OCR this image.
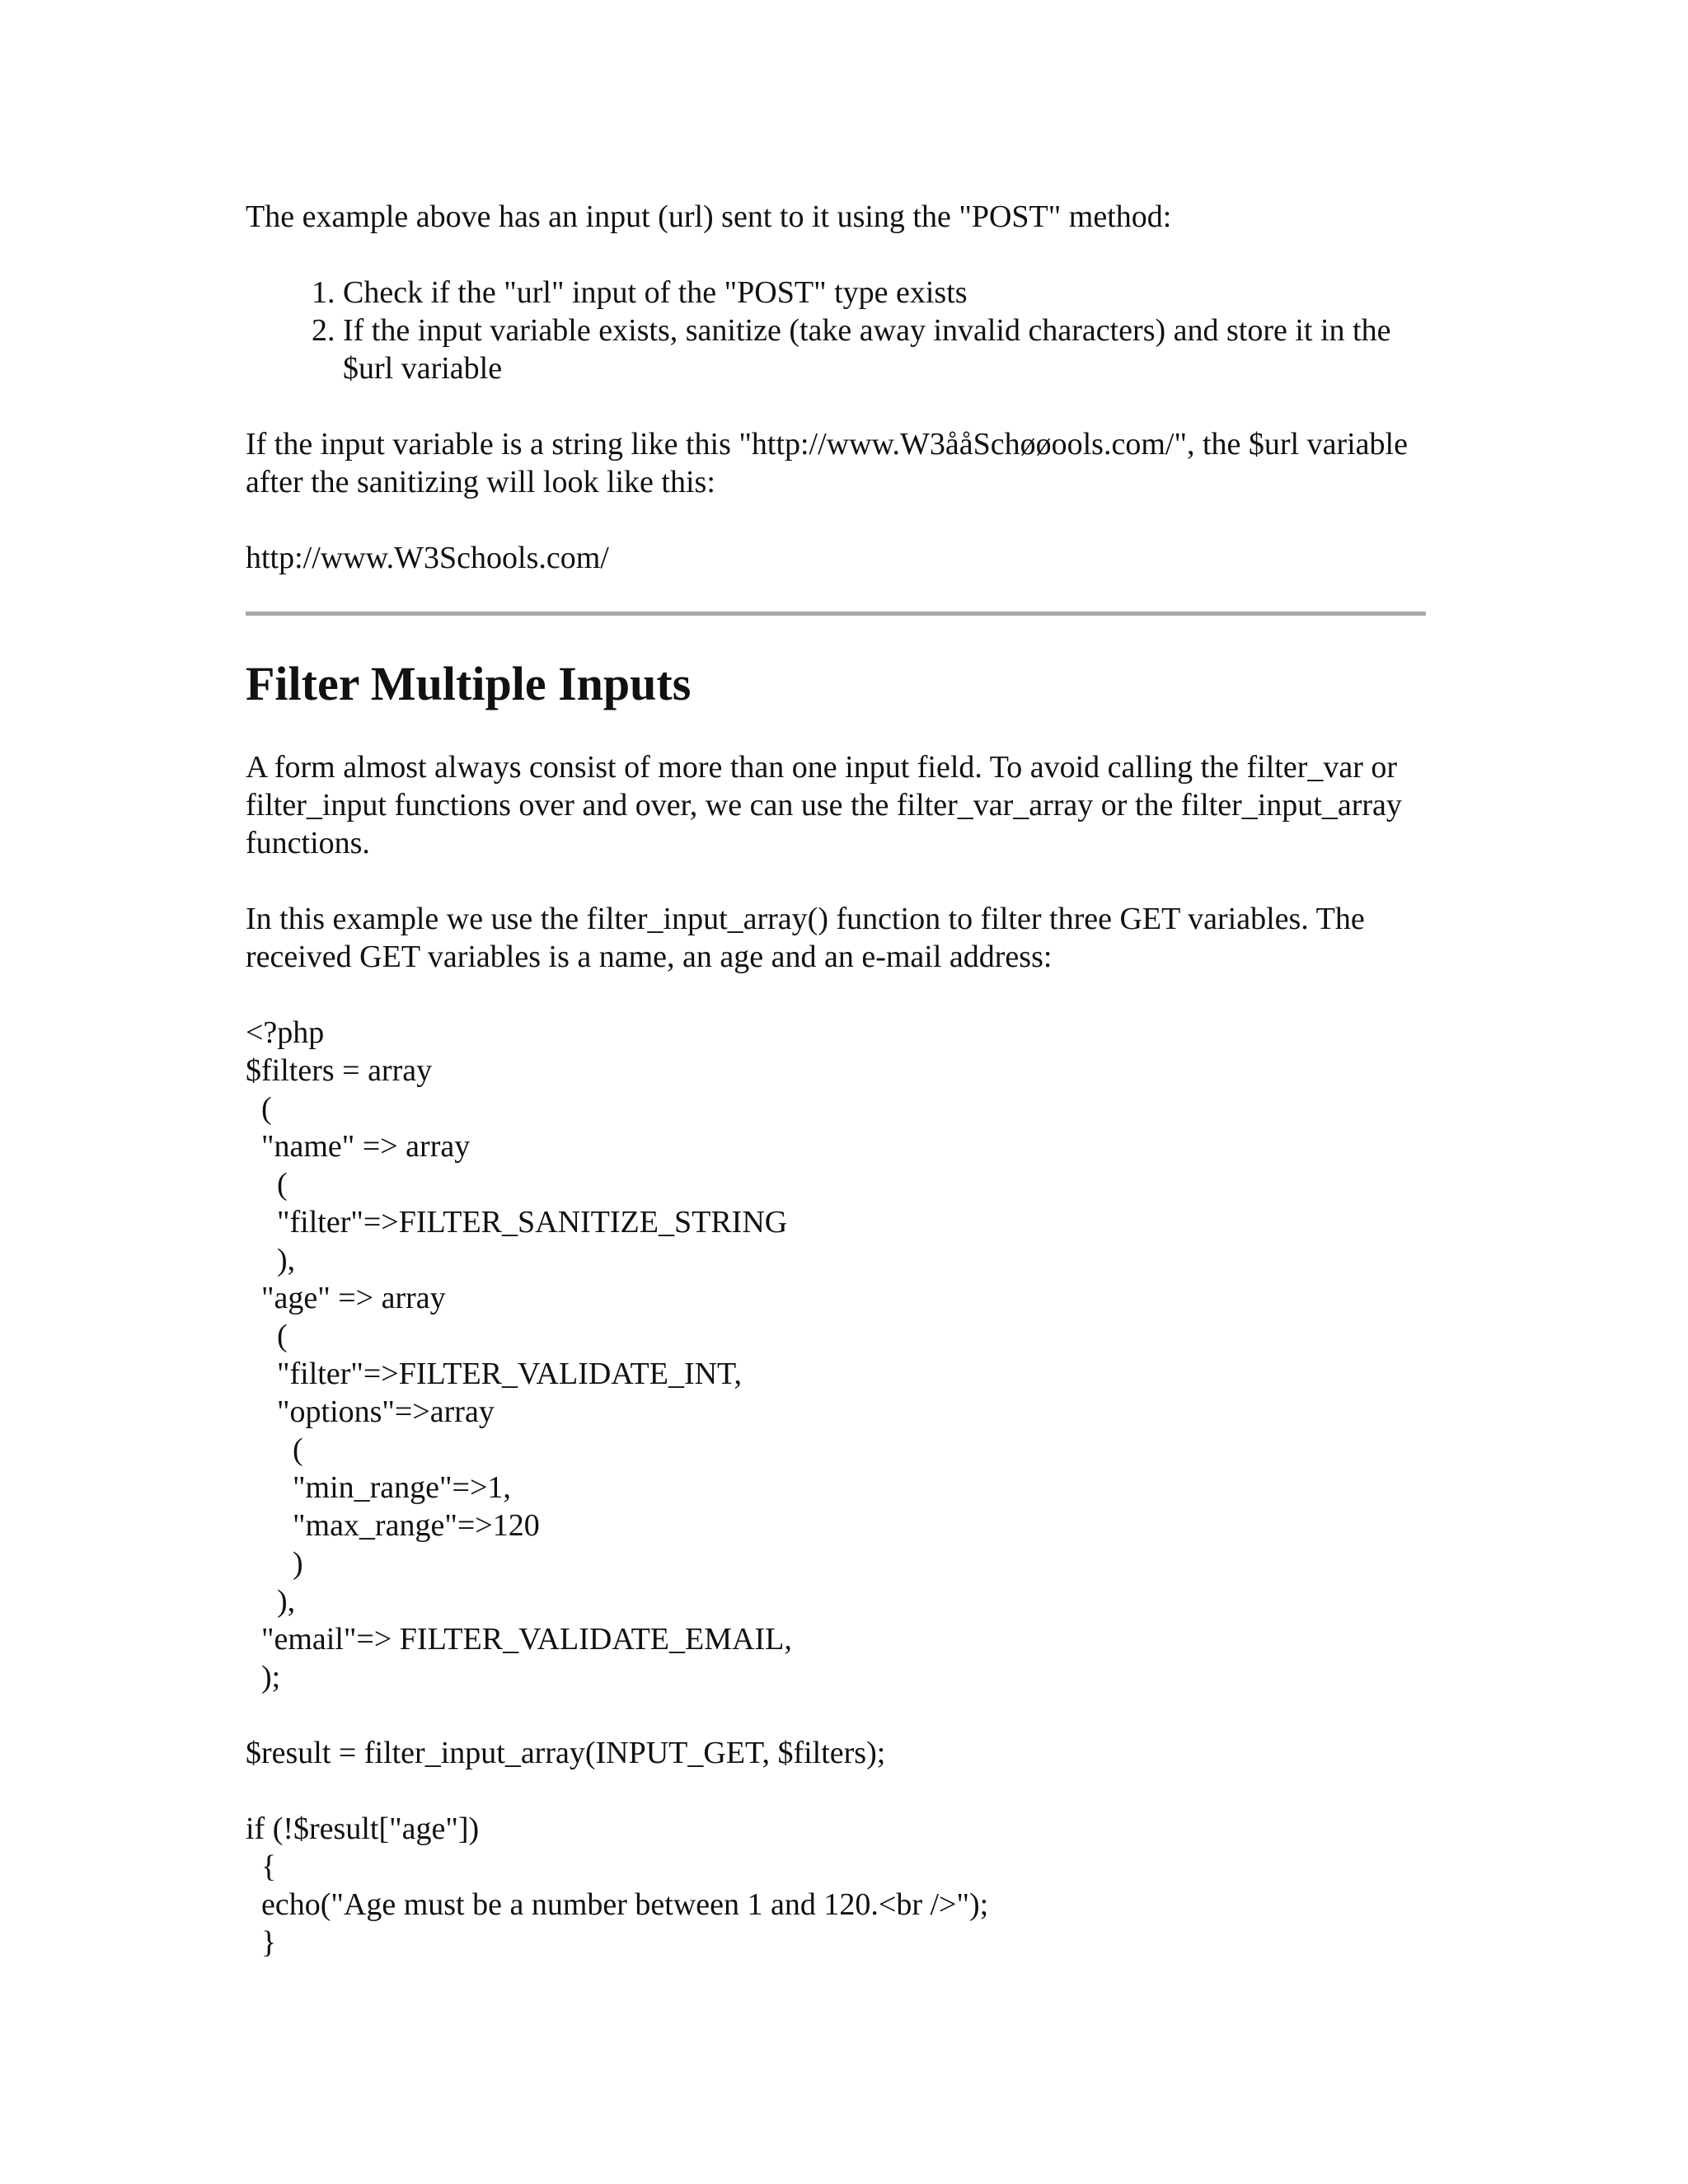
The example above has an input (url) sent to it using the "POST" method:

1. Check if the "url" input of the "POST" type exists
2. If the input variable exists, sanitize (take away invalid characters) and store it in the $url variable

If the input variable is a string like this "http://www.W3ååSchøøools.com/", the $url variable after the sanitizing will look like this:

http://www.W3Schools.com/

Filter Multiple Inputs

A form almost always consist of more than one input field. To avoid calling the filter_var or filter_input functions over and over, we can use the filter_var_array or the filter_input_array functions.

In this example we use the filter_input_array() function to filter three GET variables. The received GET variables is a name, an age and an e-mail address:

<?php
$filters = array
(
"name" => array
(
"filter"=>FILTER_SANITIZE_STRING
),
"age" => array
(
"filter"=>FILTER_VALIDATE_INT,
"options"=>array
(
"min_range"=>1,
"max_range"=>120
)
),
"email"=> FILTER_VALIDATE_EMAIL,
);
$result = filter_input_array(INPUT_GET, $filters);
if (!$result["age"])
{
echo("Age must be a number between 1 and 120.<br />");
}
